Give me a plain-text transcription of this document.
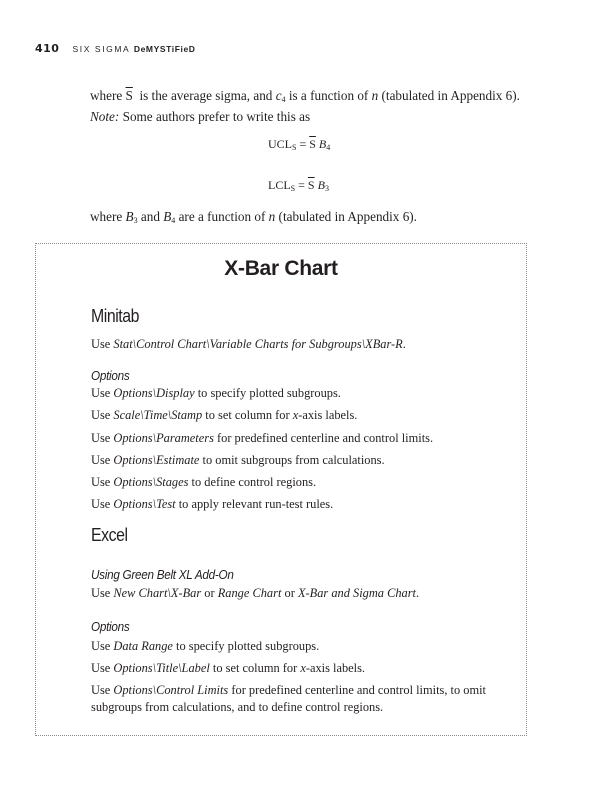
410 SIX SIGMA DeMYSTiFieD
where $\overline{S}$ is the average sigma, and $c_4$ is a function of n (tabulated in Appendix 6). Note: Some authors prefer to write this as
$UCL_S = \overline{S}$ $B_4$
$LCL_S = \overline{S}$ $B_3$
where $B_3$ and $B_4$ are a function of n (tabulated in Appendix 6).
X-Bar Chart
Minitab
Use Stat\Control Chart\Variable Charts for Subgroups\XBar-R.
Options
Use Options\Display to specify plotted subgroups.
Use Scale\Time\Stamp to set column for x-axis labels.
Use Options\Parameters for predefined centerline and control limits.
Use Options\Estimate to omit subgroups from calculations.
Use Options\Stages to define control regions.
Use Options\Test to apply relevant run-test rules.
Excel
Using Green Belt XL Add-On
Use New Chart\X-Bar or Range Chart or X-Bar and Sigma Chart.
Options
Use Data Range to specify plotted subgroups.
Use Options\Title\Label to set column for x-axis labels.
Use Options\Control Limits for predefined centerline and control limits, to omit subgroups from calculations, and to define control regions.
